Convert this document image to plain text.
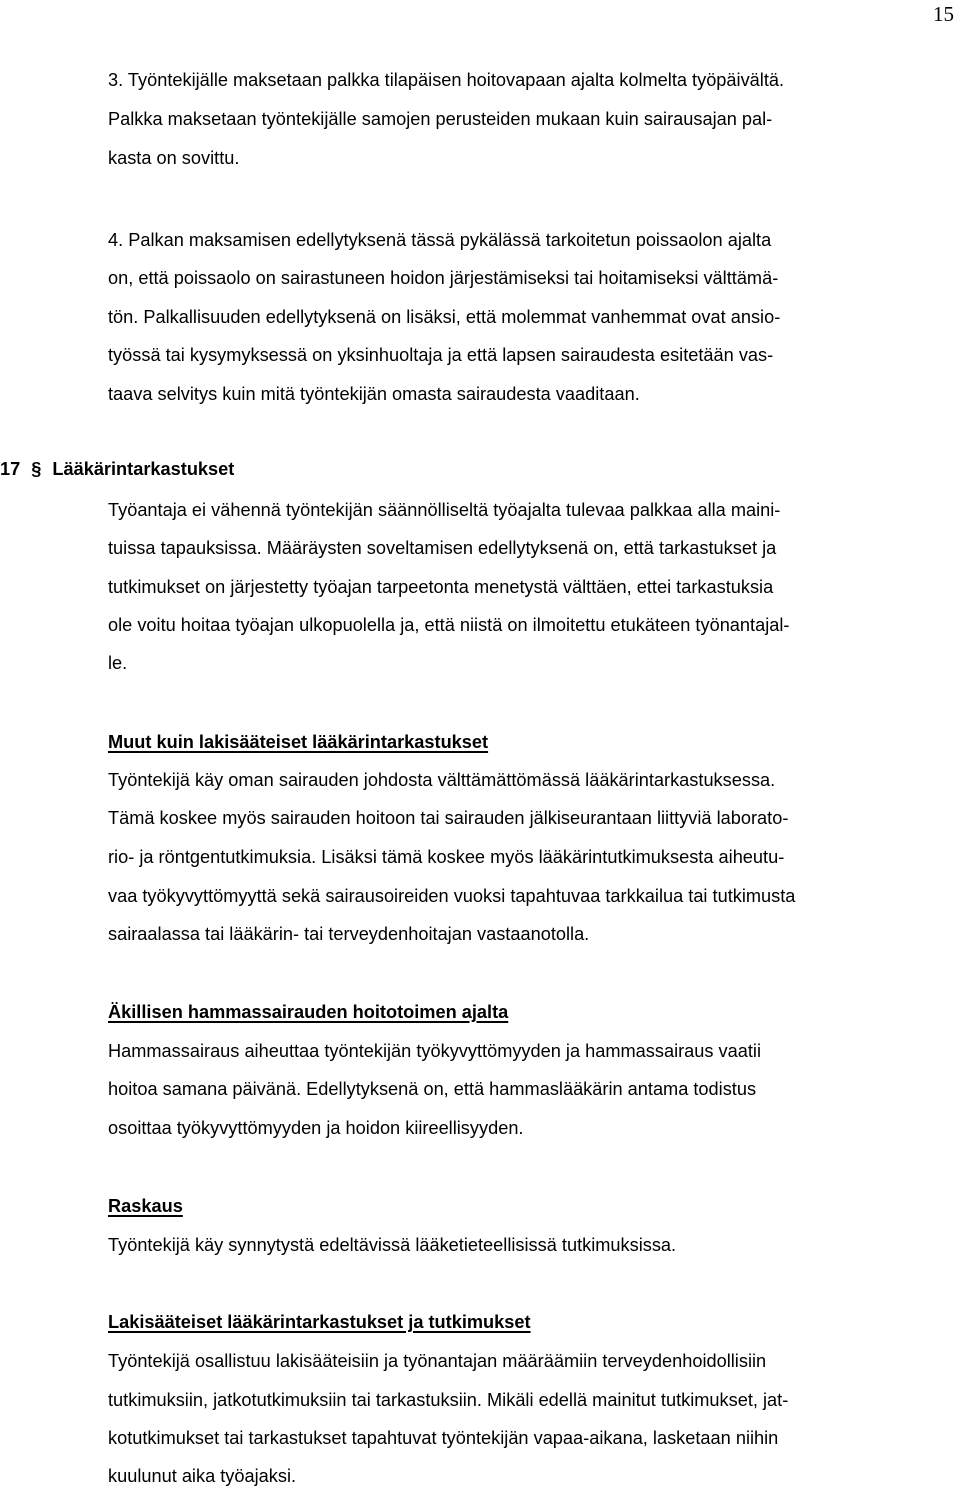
15
3. Työntekijälle maksetaan palkka tilapäisen hoitovapaan ajalta kolmelta työpäivältä.
Palkka maksetaan työntekijälle samojen perusteiden mukaan kuin sairausajan pal-
kasta on sovittu.
4. Palkan maksamisen edellytyksenä tässä pykälässä tarkoitetun poissaolon ajalta
on, että poissaolo on sairastuneen hoidon järjestämiseksi tai hoitamiseksi välttämä-
tön. Palkallisuuden edellytyksenä on lisäksi, että molemmat vanhemmat ovat ansio-
työssä tai kysymyksessä on yksinhuoltaja ja että lapsen sairaudesta esitetään vas-
taava selvitys kuin mitä työntekijän omasta sairaudesta vaaditaan.
17 § Lääkärintarkastukset
Työantaja ei vähennä työntekijän säännölliseltä työajalta tulevaa palkkaa alla maini-
tuissa tapauksissa. Määräysten soveltamisen edellytyksenä on, että tarkastukset ja
tutkimukset on järjestetty työajan tarpeetonta menetystä välttäen, ettei tarkastuksia
ole voitu hoitaa työajan ulkopuolella ja, että niistä on ilmoitettu etukäteen työnantajal-
le.
Muut kuin lakisääteiset lääkärintarkastukset
Työntekijä käy oman sairauden johdosta välttämättömässä lääkärintarkastuksessa.
Tämä koskee myös sairauden hoitoon tai sairauden jälkiseurantaan liittyviä laborato-
rio- ja röntgentutkimuksia. Lisäksi tämä koskee myös lääkärintutkimuksesta aiheutu-
vaa työkyvyttömyyttä sekä sairausoireiden vuoksi tapahtuvaa tarkkailua tai tutkimusta
sairaalassa tai lääkärin- tai terveydenhoitajan vastaanotolla.
Äkillisen hammassairauden hoitotoimen ajalta
Hammassairaus aiheuttaa työntekijän työkyvyttömyyden ja hammassairaus vaatii
hoitoa samana päivänä. Edellytyksenä on, että hammaslääkärin antama todistus
osoittaa työkyvyttömyyden ja hoidon kiireellisyyden.
Raskaus
Työntekijä käy synnytystä edeltävissä lääketieteellisissä tutkimuksissa.
Lakisääteiset lääkärintarkastukset ja tutkimukset
Työntekijä osallistuu lakisääteisiin ja työnantajan määräämiin terveydenhoidollisiin
tutkimuksiin, jatkotutkimuksiin tai tarkastuksiin. Mikäli edellä mainitut tutkimukset, jat-
kotutkimukset tai tarkastukset tapahtuvat työntekijän vapaa-aikana, lasketaan niihin
kuulunut aika työajaksi.
